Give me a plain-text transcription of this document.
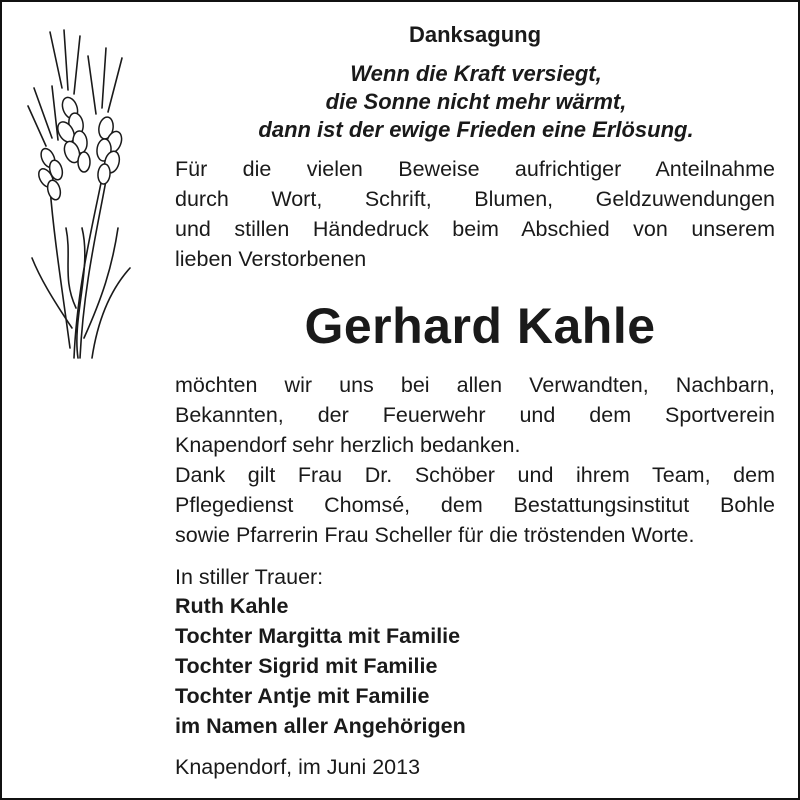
Danksagung
Wenn die Kraft versiegt,
die Sonne nicht mehr wärmt,
dann ist der ewige Frieden eine Erlösung.
Für die vielen Beweise aufrichtiger Anteilnahme
durch Wort, Schrift, Blumen, Geldzuwendungen
und stillen Händedruck beim Abschied von unserem
lieben Verstorbenen
Gerhard Kahle
möchten wir uns bei allen Verwandten, Nachbarn,
Bekannten, der Feuerwehr und dem Sportverein
Knapendorf sehr herzlich bedanken.
Dank gilt Frau Dr. Schöber und ihrem Team, dem
Pflegedienst Chomsé, dem Bestattungsinstitut Bohle
sowie Pfarrerin Frau Scheller für die tröstenden Worte.
In stiller Trauer:
Ruth Kahle
Tochter Margitta mit Familie
Tochter Sigrid mit Familie
Tochter Antje mit Familie
im Namen aller Angehörigen
Knapendorf, im Juni 2013
